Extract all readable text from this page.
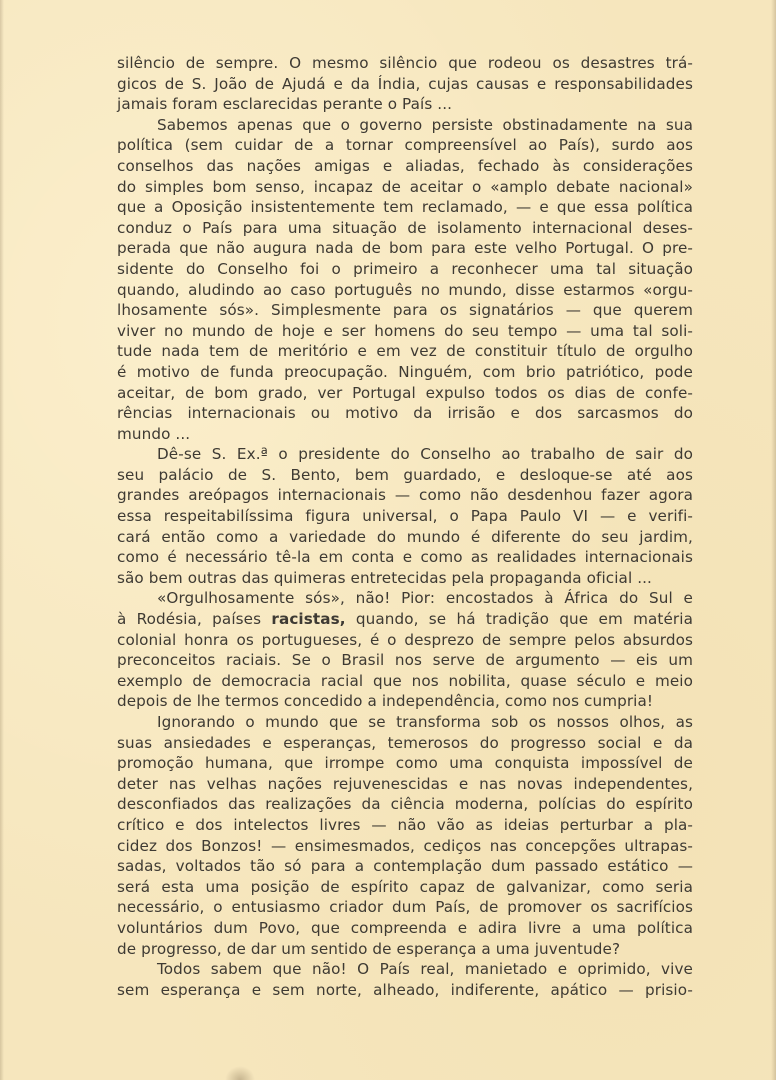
silêncio de sempre. O mesmo silêncio que rodeou os desastres trá-
gicos de S. João de Ajudá e da Índia, cujas causas e responsabilidades
jamais foram esclarecidas perante o País ...
Sabemos apenas que o governo persiste obstinadamente na sua
política (sem cuidar de a tornar compreensível ao País), surdo aos
conselhos das nações amigas e aliadas, fechado às considerações
do simples bom senso, incapaz de aceitar o «amplo debate nacional»
que a Oposição insistentemente tem reclamado, — e que essa política
conduz o País para uma situação de isolamento internacional deses-
perada que não augura nada de bom para este velho Portugal. O pre-
sidente do Conselho foi o primeiro a reconhecer uma tal situação
quando, aludindo ao caso português no mundo, disse estarmos «orgu-
lhosamente sós». Simplesmente para os signatários — que querem
viver no mundo de hoje e ser homens do seu tempo — uma tal soli-
tude nada tem de meritório e em vez de constituir título de orgulho
é motivo de funda preocupação. Ninguém, com brio patriótico, pode
aceitar, de bom grado, ver Portugal expulso todos os dias de confe-
rências internacionais ou motivo da irrisão e dos sarcasmos do
mundo ...
Dê-se S. Ex.ª o presidente do Conselho ao trabalho de sair do
seu palácio de S. Bento, bem guardado, e desloque-se até aos
grandes areópagos internacionais — como não desdenhou fazer agora
essa respeitabilíssima figura universal, o Papa Paulo VI — e verifi-
cará então como a variedade do mundo é diferente do seu jardim,
como é necessário tê-la em conta e como as realidades internacionais
são bem outras das quimeras entretecidas pela propaganda oficial ...
«Orgulhosamente sós», não! Pior: encostados à África do Sul e
à Rodésia, países racistas, quando, se há tradição que em matéria
colonial honra os portugueses, é o desprezo de sempre pelos absurdos
preconceitos raciais. Se o Brasil nos serve de argumento — eis um
exemplo de democracia racial que nos nobilita, quase século e meio
depois de lhe termos concedido a independência, como nos cumpria!
Ignorando o mundo que se transforma sob os nossos olhos, as
suas ansiedades e esperanças, temerosos do progresso social e da
promoção humana, que irrompe como uma conquista impossível de
deter nas velhas nações rejuvenescidas e nas novas independentes,
desconfiados das realizações da ciência moderna, polícias do espírito
crítico e dos intelectos livres — não vão as ideias perturbar a pla-
cidez dos Bonzos! — ensimesmados, cediços nas concepções ultrapas-
sadas, voltados tão só para a contemplação dum passado estático —
será esta uma posição de espírito capaz de galvanizar, como seria
necessário, o entusiasmo criador dum País, de promover os sacrifícios
voluntários dum Povo, que compreenda e adira livre a uma política
de progresso, de dar um sentido de esperança a uma juventude?
Todos sabem que não! O País real, manietado e oprimido, vive
sem esperança e sem norte, alheado, indiferente, apático — prisio-
